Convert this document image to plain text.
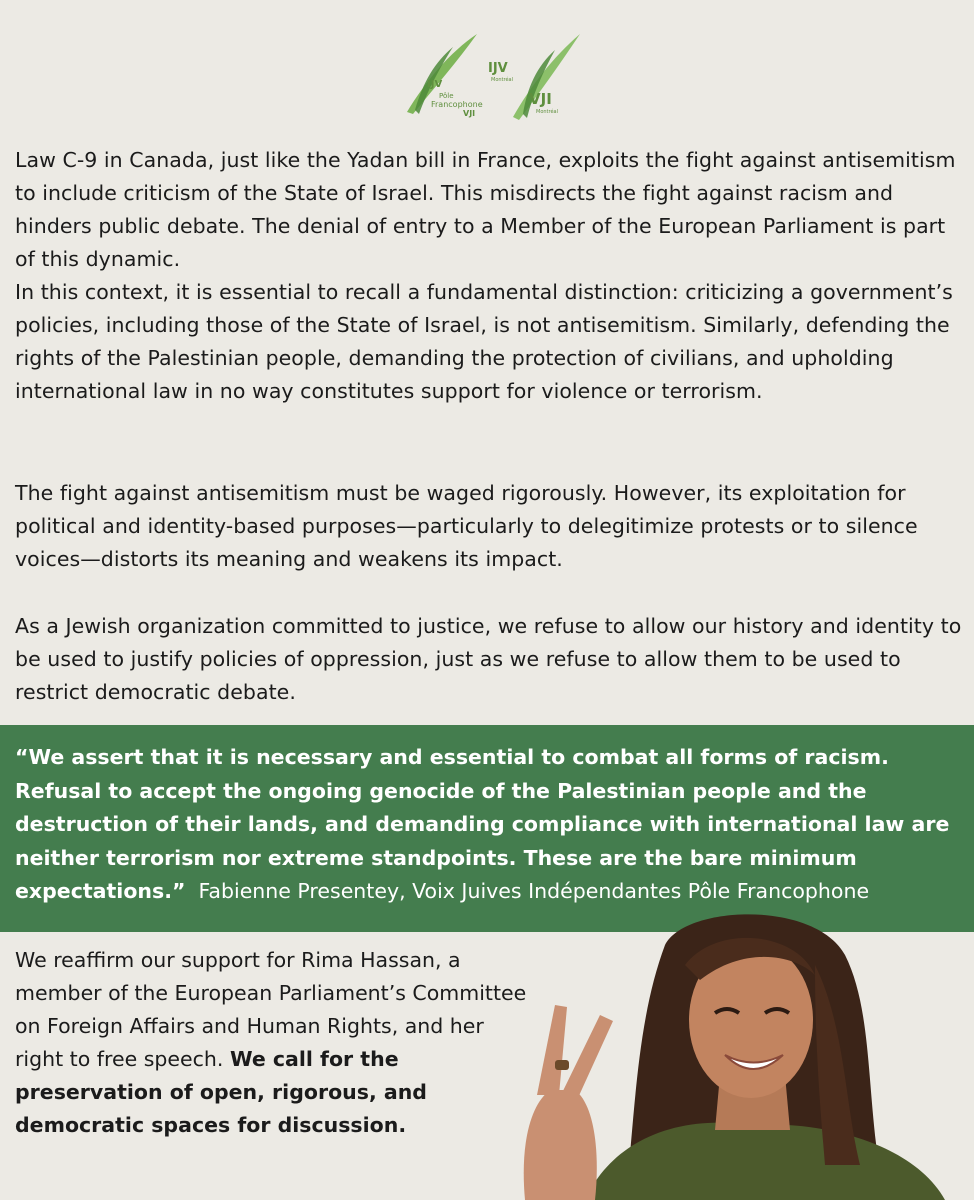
IJV
Pôle
Francophone
VJI
IJV
Montréal
VJI
Montréal
Law C-9 in Canada, just like the Yadan bill in France, exploits the fight against antisemitism to include criticism of the State of Israel. This misdirects the fight against racism and hinders public debate. The denial of entry to a Member of the European Parliament is part of this dynamic.
In this context, it is essential to recall a fundamental distinction: criticizing a government’s policies, including those of the State of Israel, is not antisemitism. Similarly, defending the rights of the Palestinian people, demanding the protection of civilians, and upholding international law in no way constitutes support for violence or terrorism.
The fight against antisemitism must be waged rigorously. However, its exploitation for political and identity-based purposes—particularly to delegitimize protests or to silence voices—distorts its meaning and weakens its impact.
As a Jewish organization committed to justice, we refuse to allow our history and identity to be used to justify policies of oppression, just as we refuse to allow them to be used to restrict democratic debate.
“We assert that it is necessary and essential to combat all forms of racism. Refusal to accept the ongoing genocide of the Palestinian people and the destruction of their lands, and demanding compliance with international law are neither terrorism nor extreme standpoints. These are the bare minimum expectations.” Fabienne Presentey, Voix Juives Indépendantes Pôle Francophone
We reaffirm our support for Rima Hassan, a member of the European Parliament’s Committee on Foreign Affairs and Human Rights, and her right to free speech. We call for the preservation of open, rigorous, and democratic spaces for discussion.
